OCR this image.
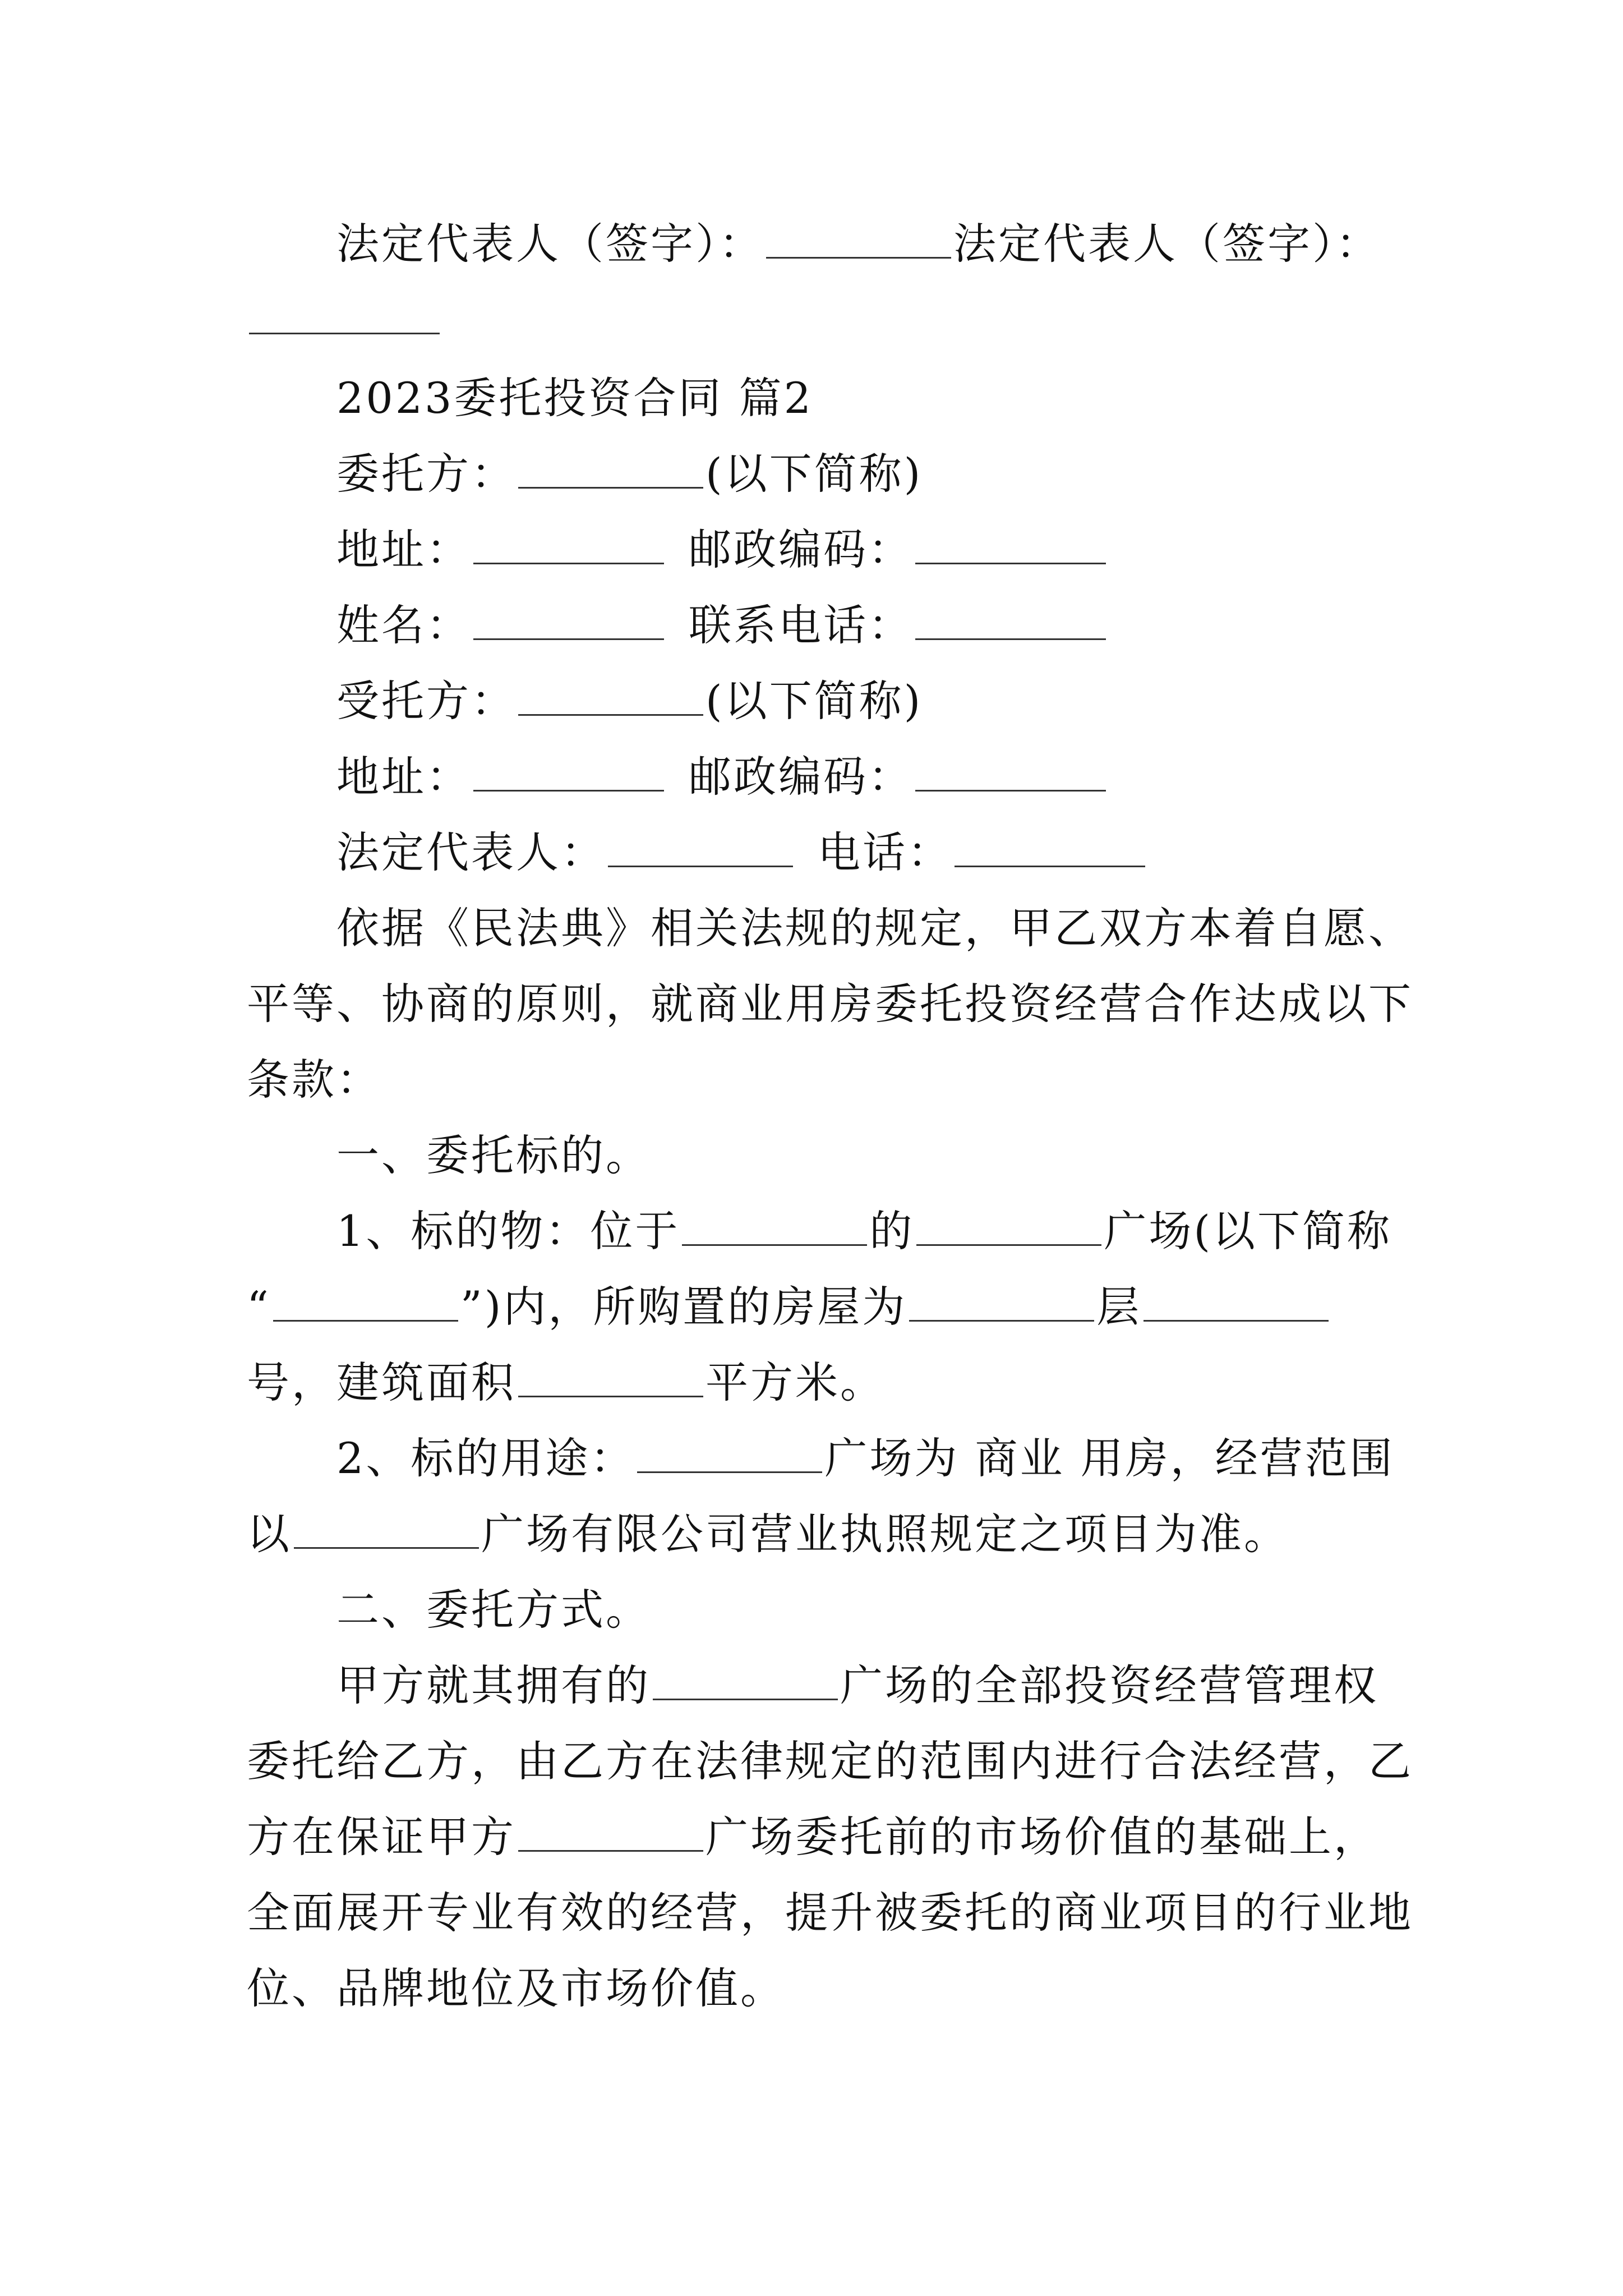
法定代表人（签字）：	法定代表人（签字）：
2023委托投资合同 篇2
委托方：	(以下简称)
地址：	邮政编码：
姓名：	联系电话：
受托方：	(以下简称)
地址：	邮政编码：
法定代表人：	电话：
依据《民法典》相关法规的规定，甲乙双方本着自愿、
平等、协商的原则，就商业用房委托投资经营合作达成以下
条款：
一、委托标的。
1、标的物：位于	的	广场(以下简称
“	”)内，所购置的房屋为	层
号，建筑面积	平方米。
2、标的用途：	广场为 商业 用房，经营范围
以	广场有限公司营业执照规定之项目为准。
二、委托方式。
甲方就其拥有的	广场的全部投资经营管理权
委托给乙方，由乙方在法律规定的范围内进行合法经营，乙
方在保证甲方	广场委托前的市场价值的基础上，
全面展开专业有效的经营，提升被委托的商业项目的行业地
位、品牌地位及市场价值。
